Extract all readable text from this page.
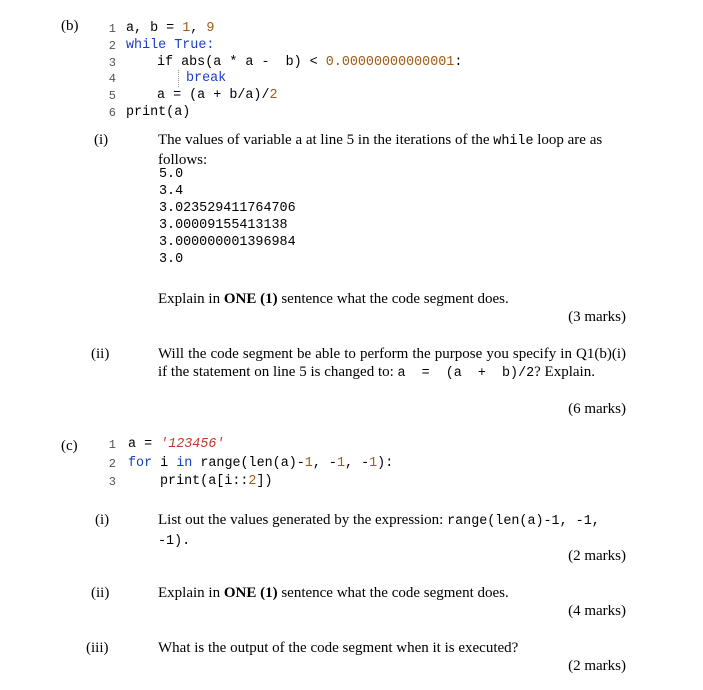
(b)	1 a, b = 1, 9
2 while True:
3	if abs(a * a -  b) < 0.00000000000001:
4	break
5	a = (a + b/a)/2
6 print(a)
(i)	The values of variable a at line 5 in the iterations of the while loop are as follows:
5.0
3.4
3.023529411764706
3.00009155413138
3.000000001396984
3.0
Explain in ONE (1) sentence what the code segment does.
(3 marks)
(ii)	Will the code segment be able to perform the purpose you specify in Q1(b)(i) if the statement on line 5 is changed to: a  =  (a  +  b)/2? Explain.
(6 marks)
(c)	1 a = '123456'
2 for i in range(len(a)-1, -1, -1):
3	print(a[i::2])
(i)	List out the values generated by the expression: range(len(a)-1, -1, -1).
(2 marks)
(ii)	Explain in ONE (1) sentence what the code segment does.
(4 marks)
(iii)	What is the output of the code segment when it is executed?
(2 marks)
